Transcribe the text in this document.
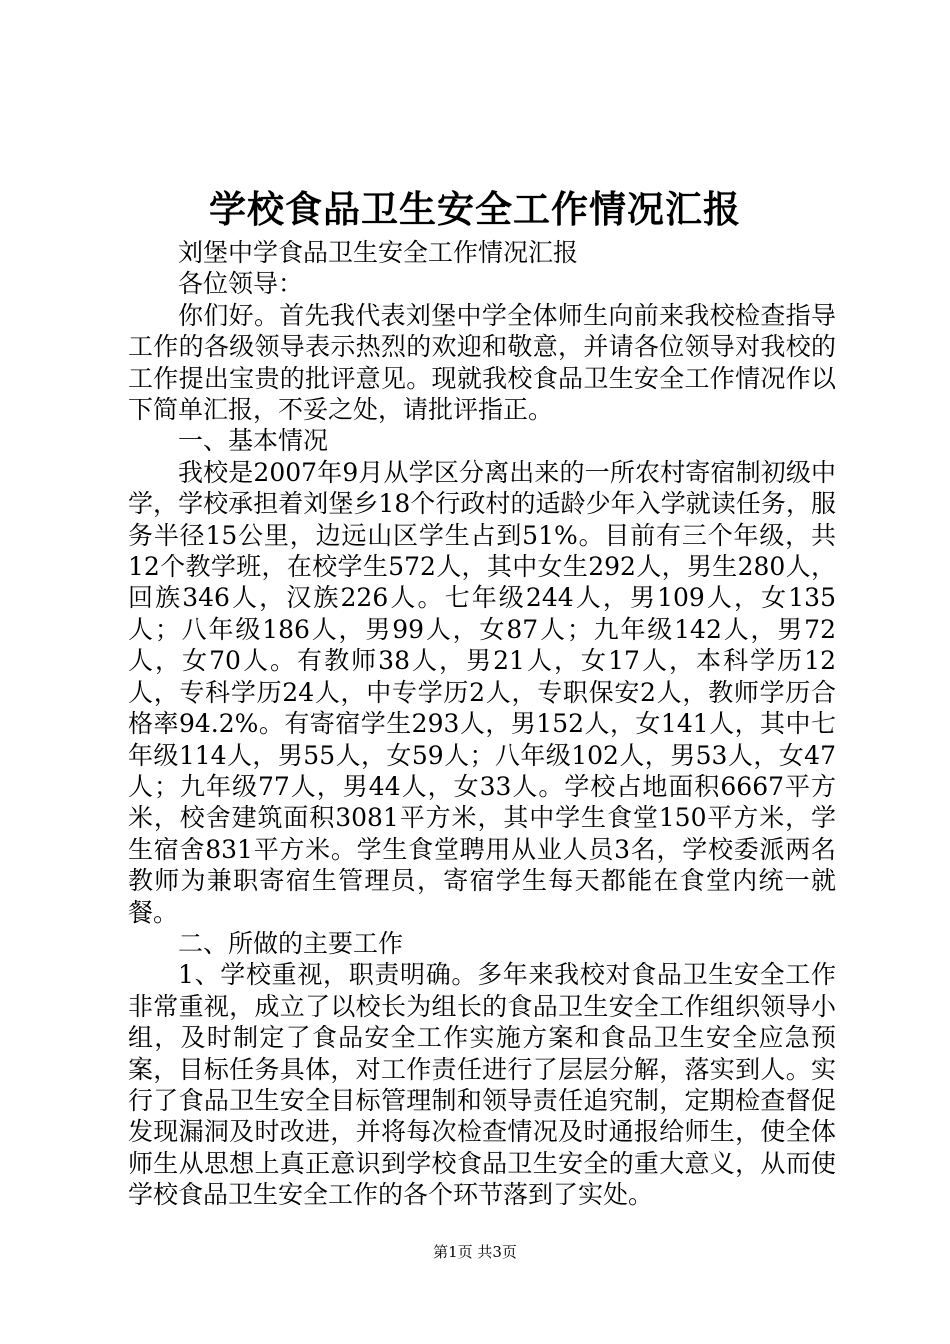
学校食品卫生安全工作情况汇报

刘堡中学食品卫生安全工作情况汇报

各位领导：

你们好。首先我代表刘堡中学全体师生向前来我校检查指导工作的各级领导表示热烈的欢迎和敬意，并请各位领导对我校的工作提出宝贵的批评意见。现就我校食品卫生安全工作情况作以下简单汇报，不妥之处，请批评指正。

一、基本情况

我校是2007年9月从学区分离出来的一所农村寄宿制初级中学，学校承担着刘堡乡18个行政村的适龄少年入学就读任务，服务半径15公里，边远山区学生占到51%。目前有三个年级，共12个教学班，在校学生572人，其中女生292人，男生280人，回族346人，汉族226人。七年级244人，男109人，女135人；八年级186人，男99人，女87人；九年级142人，男72人，女70人。有教师38人，男21人，女17人，本科学历12人，专科学历24人，中专学历2人，专职保安2人，教师学历合格率94.2%。有寄宿学生293人，男152人，女141人，其中七年级114人，男55人，女59人；八年级102人，男53人，女47人；九年级77人，男44人，女33人。学校占地面积6667平方米，校舍建筑面积3081平方米，其中学生食堂150平方米，学生宿舍831平方米。学生食堂聘用从业人员3名，学校委派两名教师为兼职寄宿生管理员，寄宿学生每天都能在食堂内统一就餐。

二、所做的主要工作

1、学校重视，职责明确。多年来我校对食品卫生安全工作非常重视，成立了以校长为组长的食品卫生安全工作组织领导小组，及时制定了食品安全工作实施方案和食品卫生安全应急预案，目标任务具体，对工作责任进行了层层分解，落实到人。实行了食品卫生安全目标管理制和领导责任追究制，定期检查督促发现漏洞及时改进，并将每次检查情况及时通报给师生，使全体师生从思想上真正意识到学校食品卫生安全的重大意义，从而使学校食品卫生安全工作的各个环节落到了实处。

第1页 共3页
